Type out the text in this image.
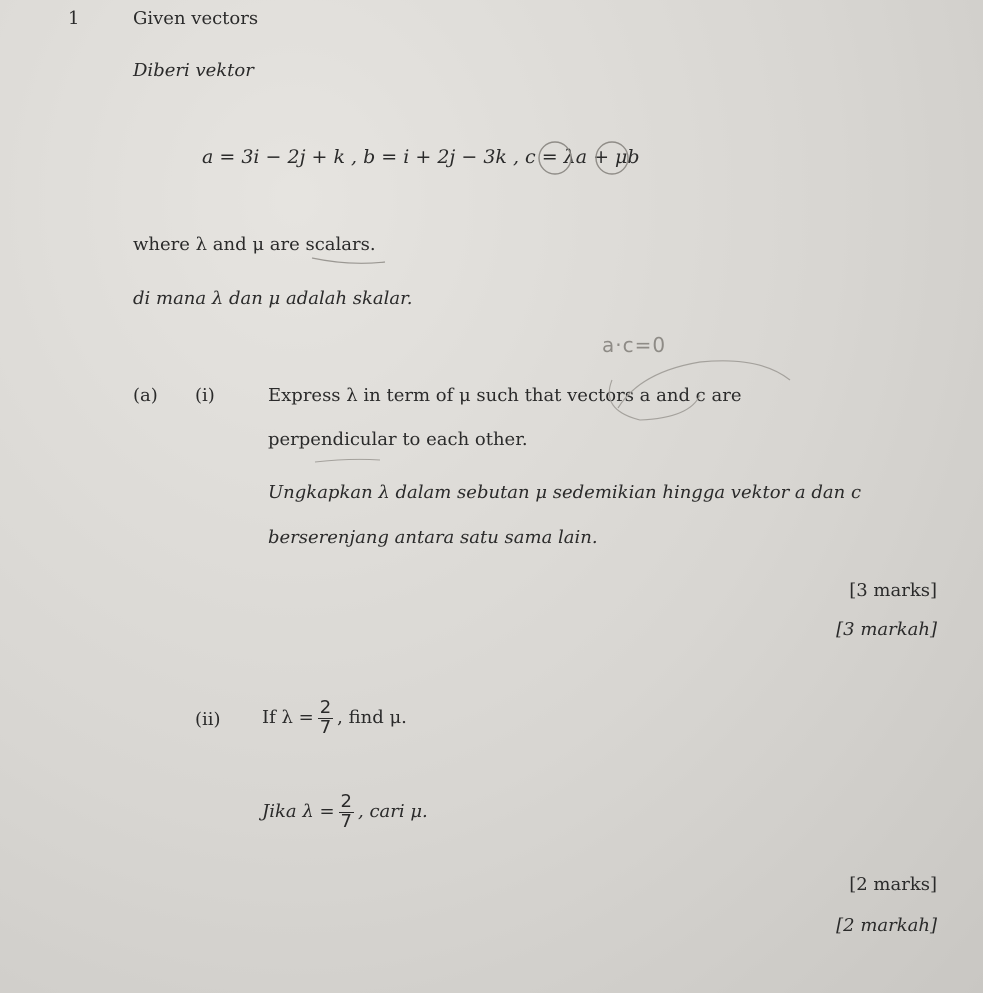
1	Given vectors
Diberi vektor
a = 3i − 2j + k , b = i + 2j − 3k , c = λa + μb
where λ and μ are scalars.
di mana λ dan μ adalah skalar.
a·c=0
(a) (i)	Express λ in term of μ such that vectors a and c are
perpendicular to each other.
Ungkapkan λ dalam sebutan μ sedemikian hingga vektor a dan c
berserenjang antara satu sama lain.
[3 marks]
[3 markah]
(ii) If $\lambda = \frac{2}{7}$ , find μ.
Jika $\lambda = \frac{2}{7}$ , cari μ.
[2 marks]
[2 markah]
